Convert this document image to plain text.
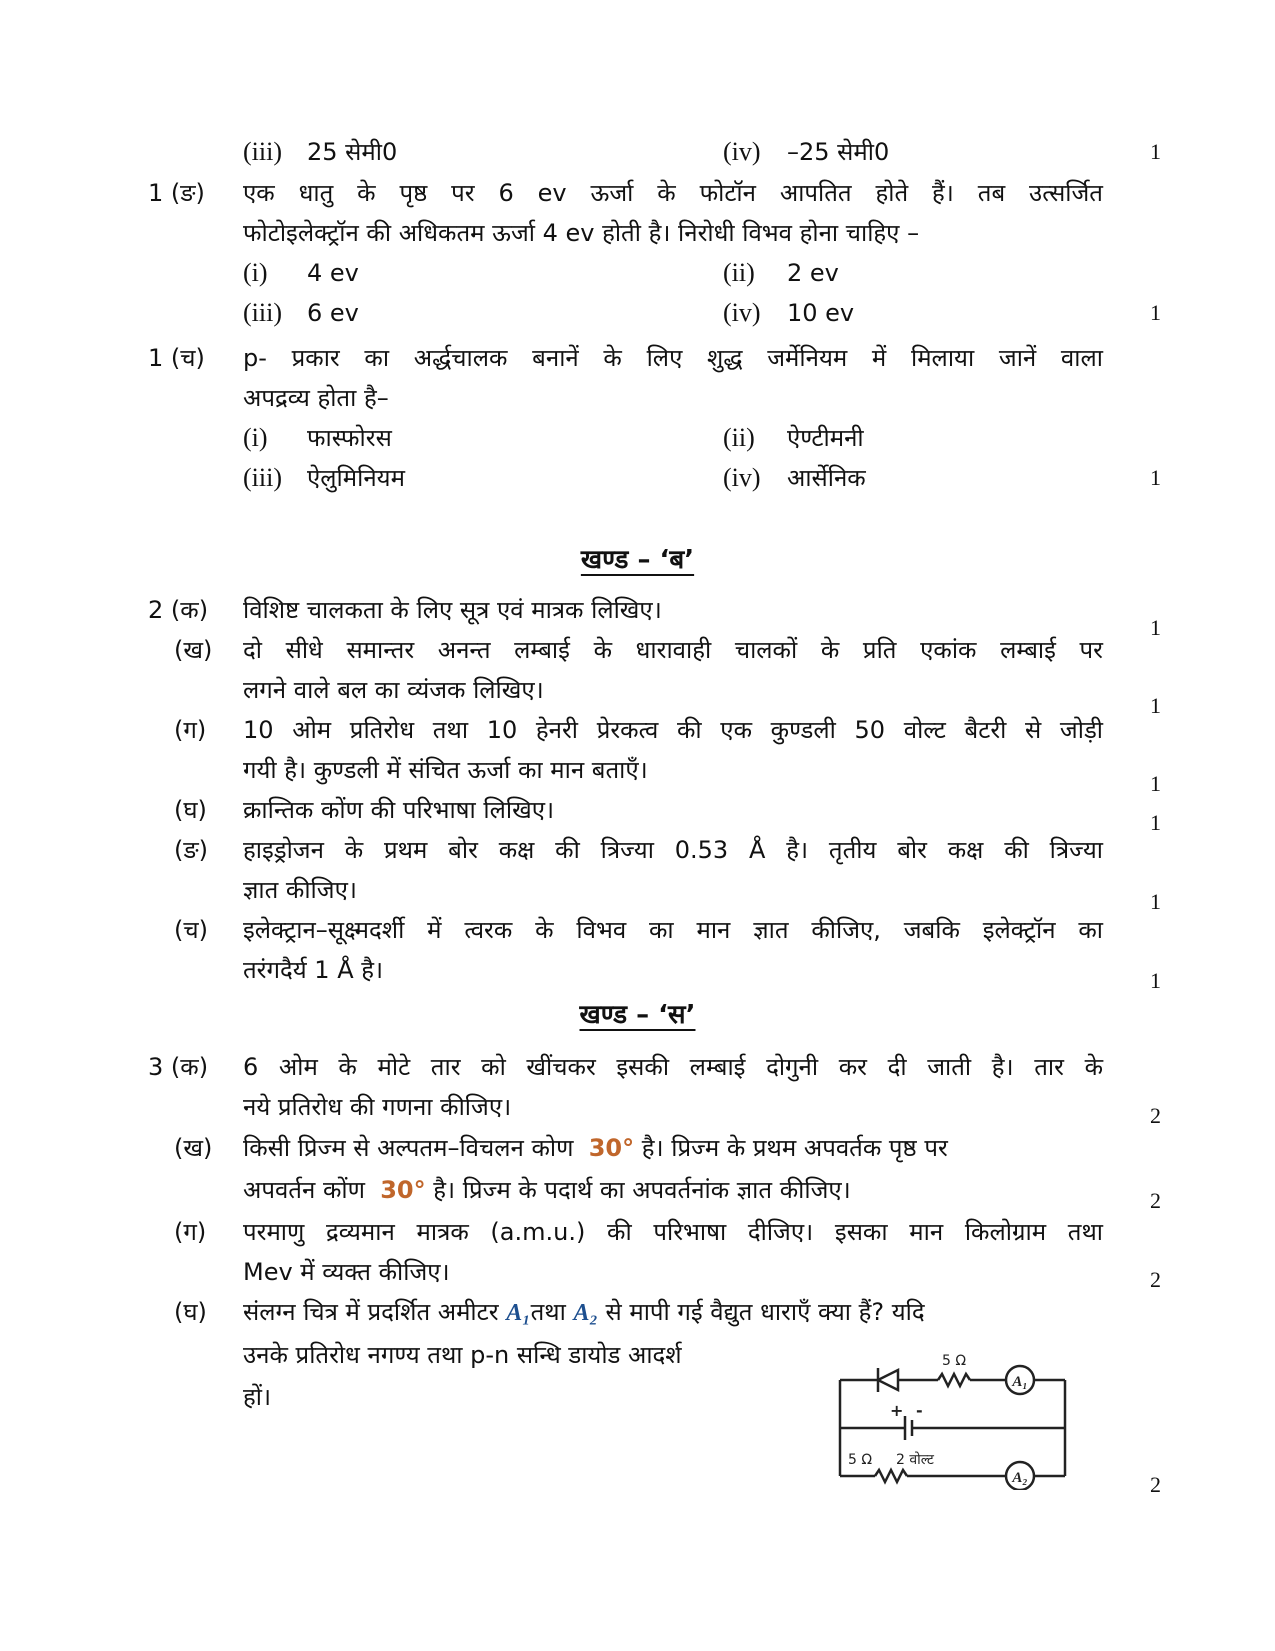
(iii) 25 सेमी0	(iv) –25 सेमी0	1
1 (ङ) एक धातु के पृष्ठ पर 6 ev ऊर्जा के फोटॉन आपतित होते हैं। तब उत्सर्जित
फोटोइलेक्ट्रॉन की अधिकतम ऊर्जा 4 ev होती है। निरोधी विभव होना चाहिए –
(i) 4 ev	(ii) 2 ev
(iii) 6 ev	(iv) 10 ev	1
1 (च) p- प्रकार का अर्द्धचालक बनानें के लिए शुद्ध जर्मेनियम में मिलाया जानें वाला
अपद्रव्य होता है–
(i) फास्फोरस	(ii) ऐण्टीमनी
(iii) ऐलुमिनियम	(iv) आर्सेनिक	1
खण्ड – ‘ब’
2 (क) विशिष्ट चालकता के लिए सूत्र एवं मात्रक लिखिए।
1
(ख) दो सीधे समान्तर अनन्त लम्बाई के धारावाही चालकों के प्रति एकांक लम्बाई पर
लगने वाले बल का व्यंजक लिखिए।
1
(ग) 10 ओम प्रतिरोध तथा 10 हेनरी प्रेरकत्व की एक कुण्डली 50 वोल्ट बैटरी से जोड़ी
गयी है। कुण्डली में संचित ऊर्जा का मान बताएँ।	1
(घ) क्रान्तिक कोंण की परिभाषा लिखिए।	1
(ङ) हाइड्रोजन के प्रथम बोर कक्ष की त्रिज्या 0.53 Å है। तृतीय बोर कक्ष की त्रिज्या
ज्ञात कीजिए।	1
(च) इलेक्ट्रान–सूक्ष्मदर्शी में त्वरक के विभव का मान ज्ञात कीजिए, जबकि इलेक्ट्रॉन का
तरंगदैर्य 1 Å है।	1
खण्ड – ‘स’
3 (क) 6 ओम के मोटे तार को खींचकर इसकी लम्बाई दोगुनी कर दी जाती है। तार के
नये प्रतिरोध की गणना कीजिए।	2
(ख) किसी प्रिज्म से अल्पतम–विचलन कोण 30° है। प्रिज्म के प्रथम अपवर्तक पृष्ठ पर
अपवर्तन कोंण 30° है। प्रिज्म के पदार्थ का अपवर्तनांक ज्ञात कीजिए।	2
(ग) परमाणु द्रव्यमान मात्रक (a.m.u.) की परिभाषा दीजिए। इसका मान किलोग्राम तथा
Mev में व्यक्त कीजिए।	2
(घ) संलग्न चित्र में प्रदर्शित अमीटर A₁तथा A₂ से मापी गई वैद्युत धाराएँ क्या हैं? यदि
उनके प्रतिरोध नगण्य तथा p-n सन्धि डायोड आदर्श
हों।
2
A₁
A₂
5 Ω
5 Ω 2 वोल्ट
+ -
